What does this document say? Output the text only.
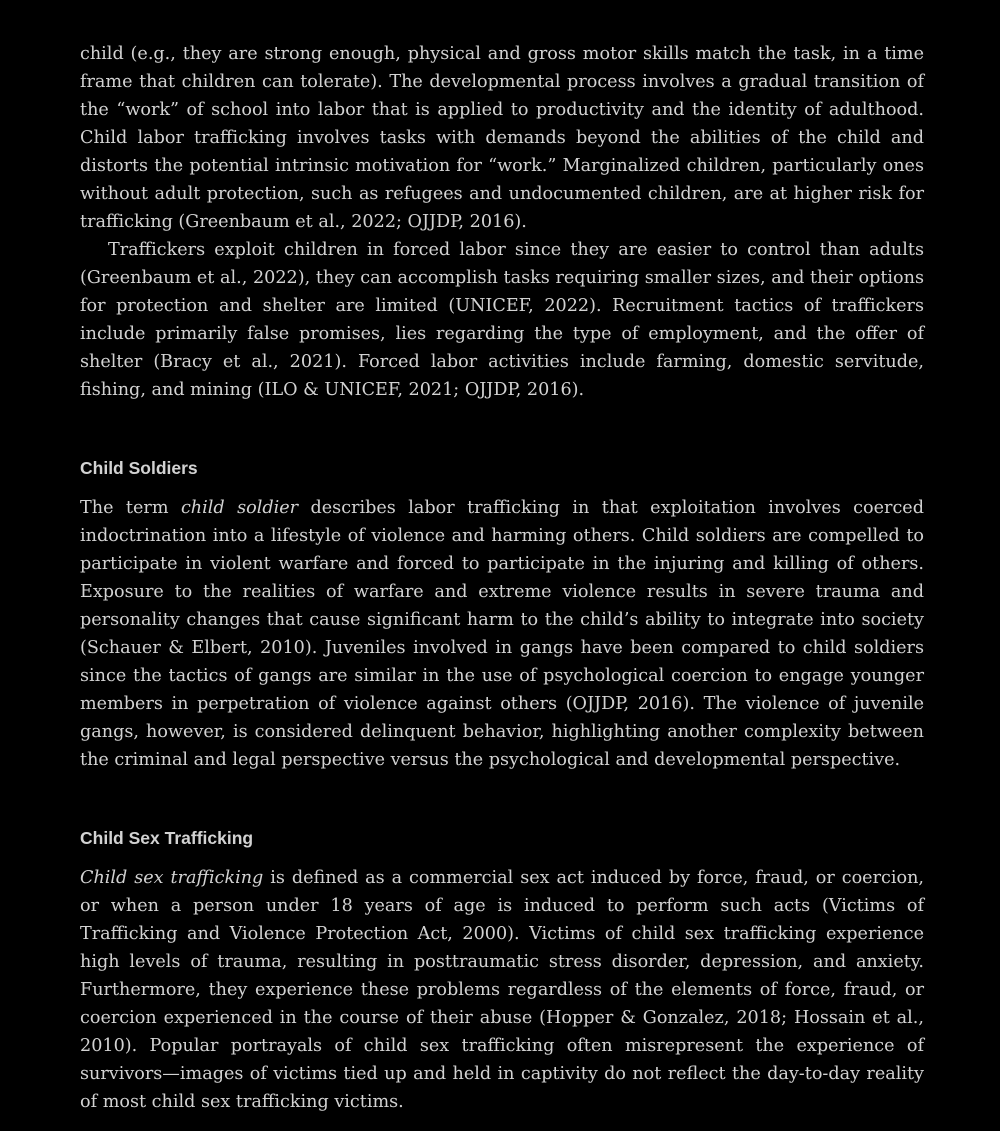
child (e.g., they are strong enough, physical and gross motor skills match the task, in a time frame that children can tolerate). The developmental process involves a gradual transition of the “work” of school into labor that is applied to productivity and the identity of adulthood. Child labor trafficking involves tasks with demands beyond the abilities of the child and distorts the potential intrinsic motivation for “work.” Marginalized children, particularly ones without adult protection, such as refugees and undocumented children, are at higher risk for trafficking (Greenbaum et al., 2022; OJJDP, 2016).

Traffickers exploit children in forced labor since they are easier to control than adults (Greenbaum et al., 2022), they can accomplish tasks requiring smaller sizes, and their options for protection and shelter are limited (UNICEF, 2022). Recruitment tactics of traffickers include primarily false promises, lies regarding the type of employment, and the offer of shelter (Bracy et al., 2021). Forced labor activities include farming, domestic servitude, fishing, and mining (ILO & UNICEF, 2021; OJJDP, 2016).

Child Soldiers

The term child soldier describes labor trafficking in that exploitation involves coerced indoctrination into a lifestyle of violence and harming others. Child soldiers are compelled to participate in violent warfare and forced to participate in the injuring and killing of others. Exposure to the realities of warfare and extreme violence results in severe trauma and personality changes that cause significant harm to the child’s ability to integrate into society (Schauer & Elbert, 2010). Juveniles involved in gangs have been compared to child soldiers since the tactics of gangs are similar in the use of psychological coercion to engage younger members in perpetration of violence against others (OJJDP, 2016). The violence of juvenile gangs, however, is considered delinquent behavior, highlighting another complexity between the criminal and legal perspective versus the psychological and developmental perspective.

Child Sex Trafficking

Child sex trafficking is defined as a commercial sex act induced by force, fraud, or coercion, or when a person under 18 years of age is induced to perform such acts (Victims of Trafficking and Violence Protection Act, 2000). Victims of child sex trafficking experience high levels of trauma, resulting in posttraumatic stress disorder, depression, and anxiety. Furthermore, they experience these problems regardless of the elements of force, fraud, or coercion experienced in the course of their abuse (Hopper & Gonzalez, 2018; Hossain et al., 2010). Popular portrayals of child sex trafficking often misrepresent the experience of survivors—images of victims tied up and held in captivity do not reflect the day-to-day reality of most child sex trafficking victims.
